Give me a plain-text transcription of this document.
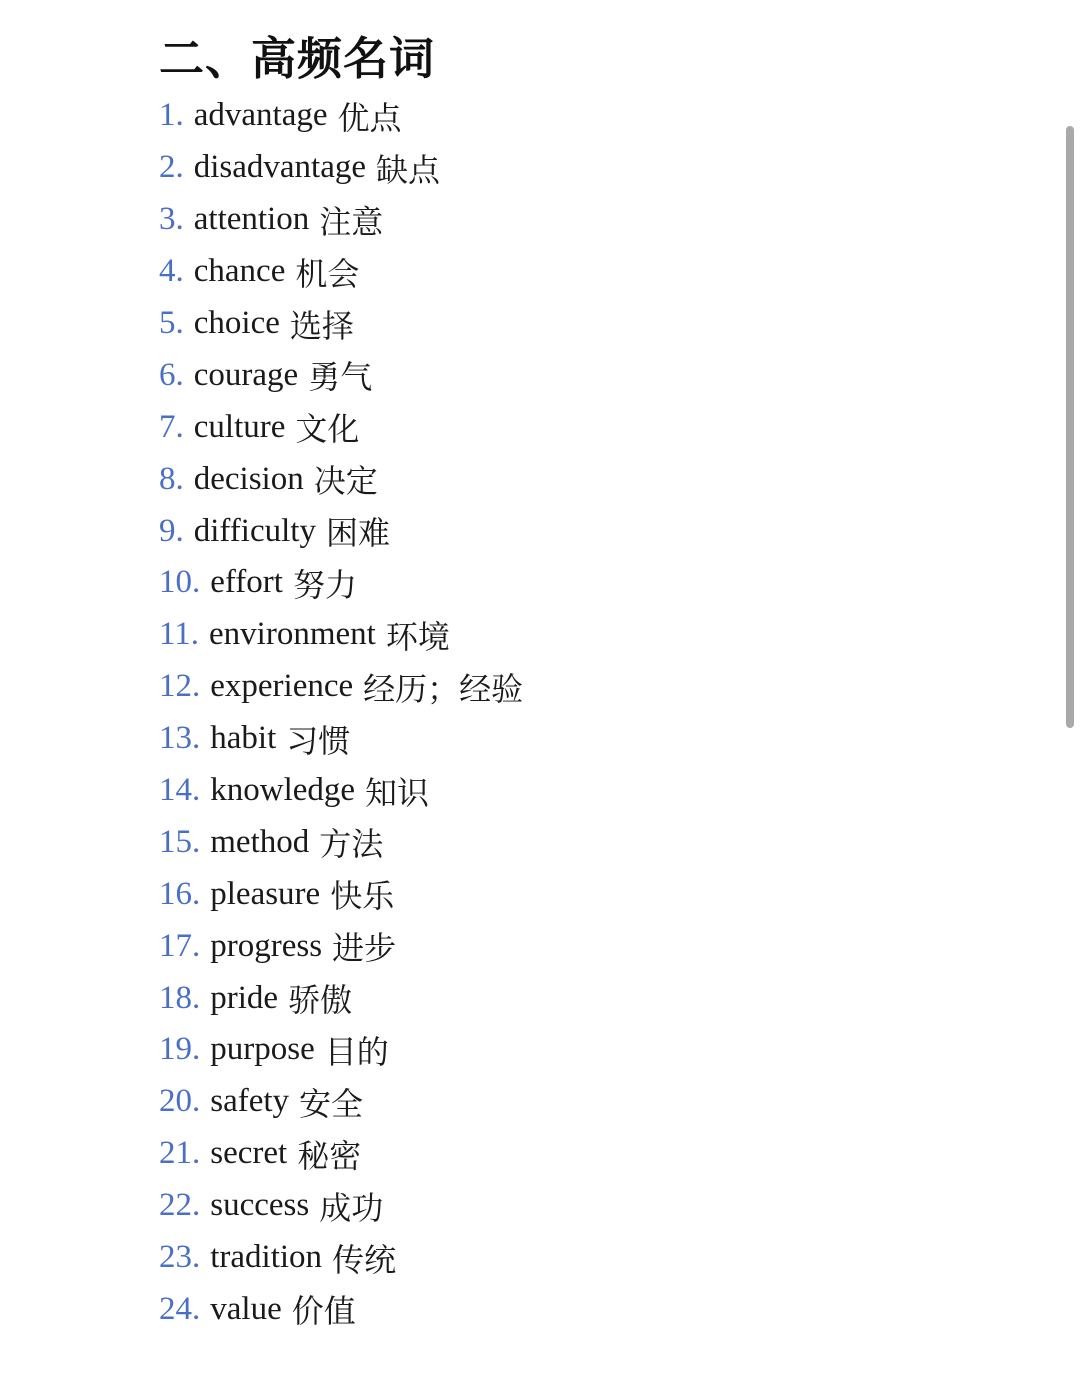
二、高频名词
1. advantage 优点
2. disadvantage 缺点
3. attention 注意
4. chance 机会
5. choice 选择
6. courage 勇气
7. culture 文化
8. decision 决定
9. difficulty 困难
10. effort 努力
11. environment 环境
12. experience 经历；经验
13. habit 习惯
14. knowledge 知识
15. method 方法
16. pleasure 快乐
17. progress 进步
18. pride 骄傲
19. purpose 目的
20. safety 安全
21. secret 秘密
22. success 成功
23. tradition 传统
24. value 价值
